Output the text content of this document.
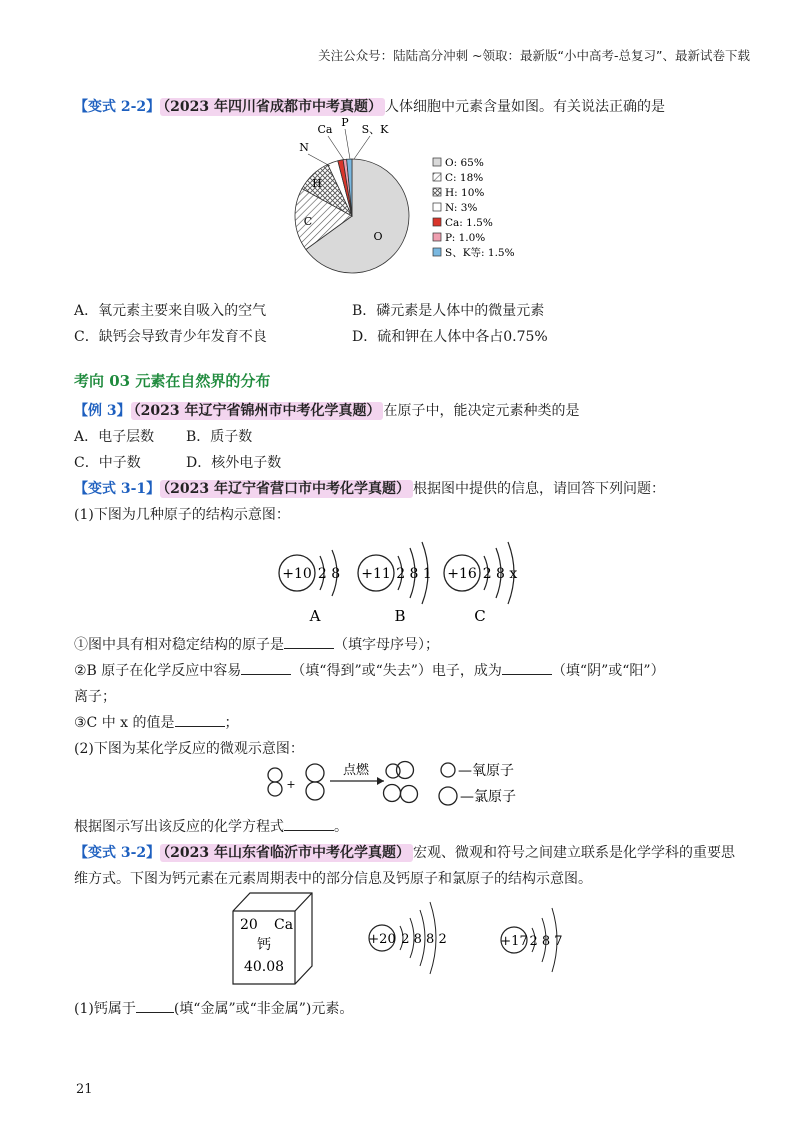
关注公众号：陆陆高分冲刺 ~领取：最新版“小中高考-总复习”、最新试卷下载
【变式 2-2】 （2023 年四川省成都市中考真题） 人体细胞中元素含量如图。有关说法正确的是
O
C
H
N
Ca
P
S、K
O: 65%
C: 18%
H: 10%
N: 3%
Ca: 1.5%
P: 1.0%
S、K等: 1.5%
A．氧元素主要来自吸入的空气	B．磷元素是人体中的微量元素
C．缺钙会导致青少年发育不良	D．硫和钾在人体中各占0.75%
考向 03 元素在自然界的分布
【例 3】 （2023 年辽宁省锦州市中考化学真题） 在原子中，能决定元素种类的是
A．电子层数 B．质子数
C．中子数	D．核外电子数
【变式 3-1】 （2023 年辽宁省营口市中考化学真题） 根据图中提供的信息，请回答下列问题：
(1)下图为几种原子的结构示意图：
+10 2 8
A
+11 2 8 1
B
+16 2 8 x
C
①图中具有相对稳定结构的原子是	（填字母序号）；
②B 原子在化学反应中容易	（填“得到”或“失去”）电子，成为	（填“阴”或“阳”）
离子；
③C 中 x 的值是	；
(2)下图为某化学反应的微观示意图：
+
点燃	—氧原子
—氯原子
根据图示写出该反应的化学方程式	。
【变式 3-2】 （2023 年山东省临沂市中考化学真题） 宏观、微观和符号之间建立联系是化学学科的重要思
维方式。下图为钙元素在元素周期表中的部分信息及钙原子和氯原子的结构示意图。
20 Ca
钙
40.08
+20 2 8 8 2	+17 2 8 7
(1)钙属于	(填“金属”或“非金属”)元素。
21
